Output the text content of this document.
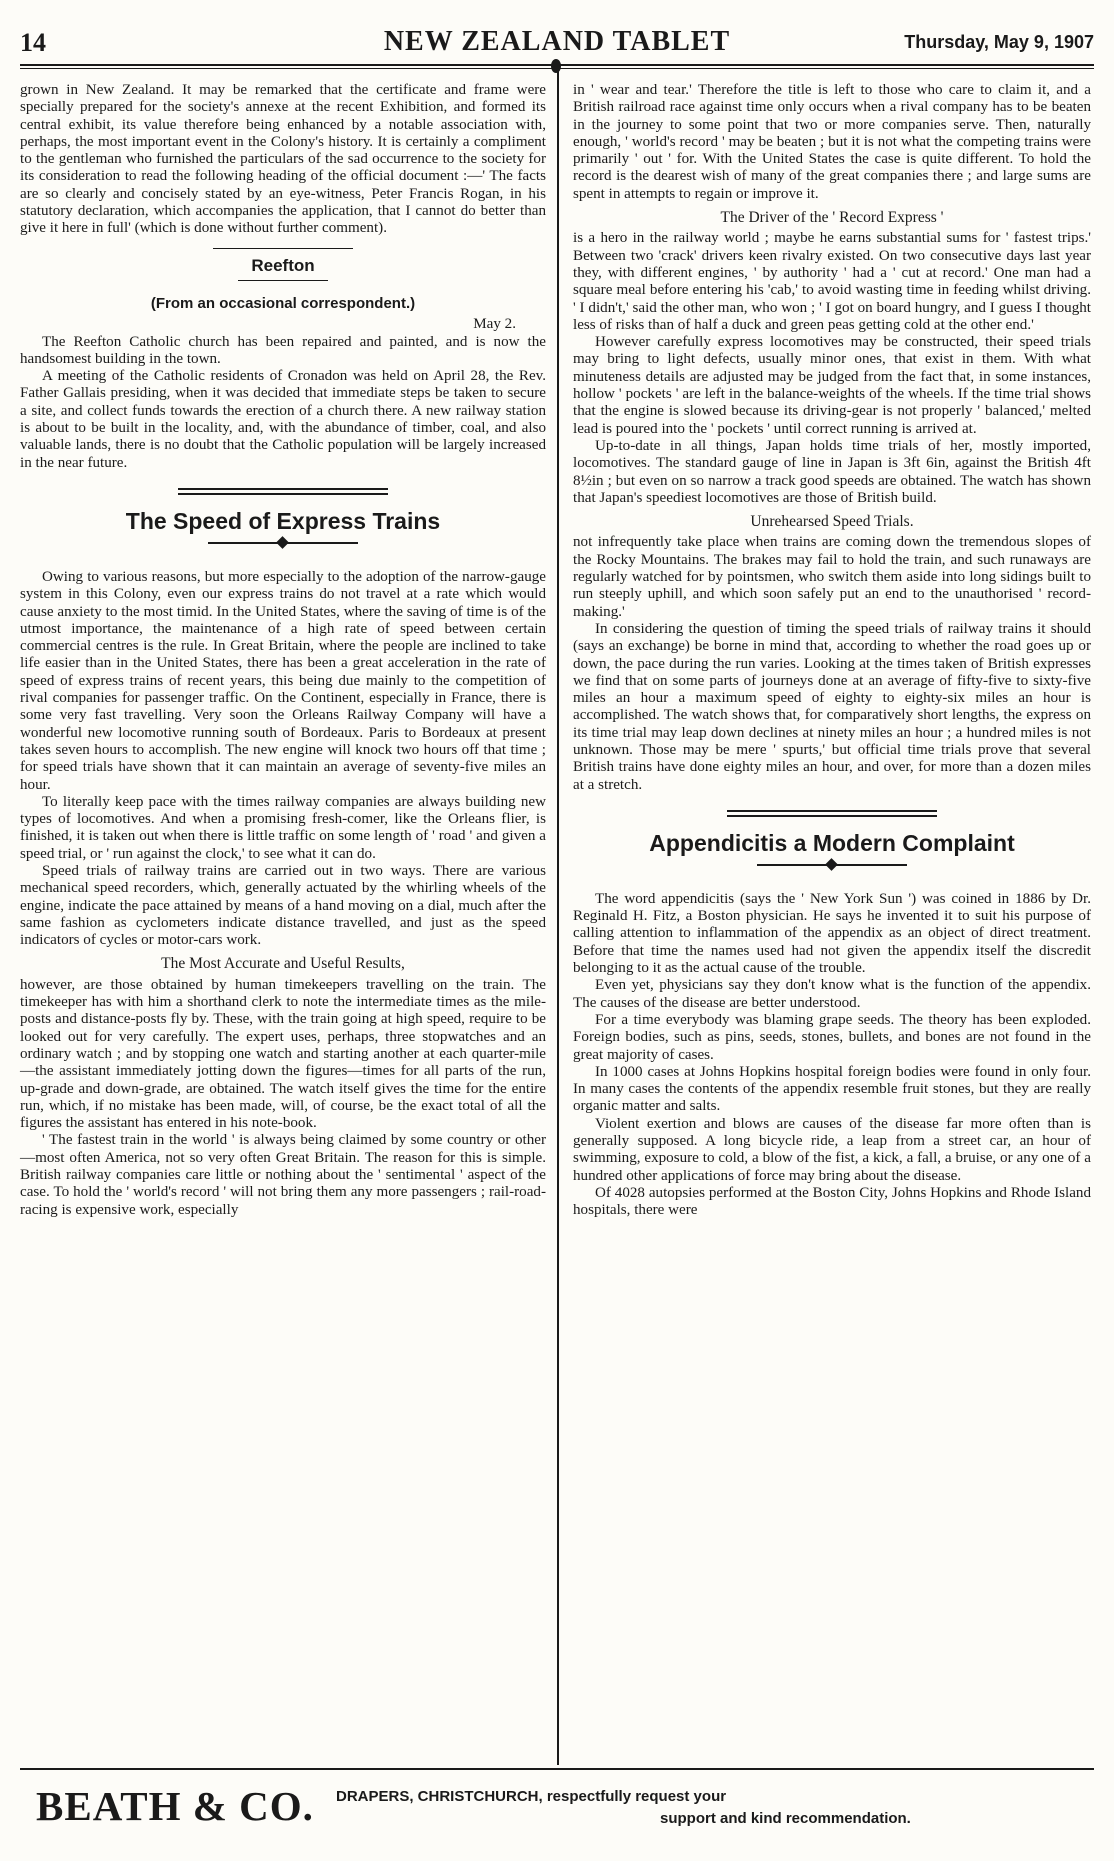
14	NEW ZEALAND TABLET	Thursday, May 9, 1907

grown in New Zealand. It may be remarked that the certificate and frame were specially prepared for the society's annexe at the recent Exhibition, and formed its central exhibit, its value therefore being enhanced by a notable association with, perhaps, the most important event in the Colony's history. It is certainly a compliment to the gentleman who furnished the particulars of the sad occurrence to the society for its consideration to read the following heading of the official document :—' The facts are so clearly and concisely stated by an eye-witness, Peter Francis Rogan, in his statutory declaration, which accompanies the application, that I cannot do better than give it here in full' (which is done without further comment).

Reefton
(From an occasional correspondent.)
May 2.

The Reefton Catholic church has been repaired and painted, and is now the handsomest building in the town.

A meeting of the Catholic residents of Cronadon was held on April 28, the Rev. Father Gallais presiding, when it was decided that immediate steps be taken to secure a site, and collect funds towards the erection of a church there. A new railway station is about to be built in the locality, and, with the abundance of timber, coal, and also valuable lands, there is no doubt that the Catholic population will be largely increased in the near future.

The Speed of Express Trains

Owing to various reasons, but more especially to the adoption of the narrow-gauge system in this Colony, even our express trains do not travel at a rate which would cause anxiety to the most timid. In the United States, where the saving of time is of the utmost importance, the maintenance of a high rate of speed between certain commercial centres is the rule. In Great Britain, where the people are inclined to take life easier than in the United States, there has been a great acceleration in the rate of speed of express trains of recent years, this being due mainly to the competition of rival companies for passenger traffic. On the Continent, especially in France, there is some very fast travelling. Very soon the Orleans Railway Company will have a wonderful new locomotive running south of Bordeaux. Paris to Bordeaux at present takes seven hours to accomplish. The new engine will knock two hours off that time ; for speed trials have shown that it can maintain an average of seventy-five miles an hour.

To literally keep pace with the times railway companies are always building new types of locomotives. And when a promising fresh-comer, like the Orleans flier, is finished, it is taken out when there is little traffic on some length of ' road ' and given a speed trial, or ' run against the clock,' to see what it can do.

Speed trials of railway trains are carried out in two ways. There are various mechanical speed recorders, which, generally actuated by the whirling wheels of the engine, indicate the pace attained by means of a hand moving on a dial, much after the same fashion as cyclometers indicate distance travelled, and just as the speed indicators of cycles or motor-cars work.

The Most Accurate and Useful Results,

however, are those obtained by human timekeepers travelling on the train. The timekeeper has with him a shorthand clerk to note the intermediate times as the mile-posts and distance-posts fly by. These, with the train going at high speed, require to be looked out for very carefully. The expert uses, perhaps, three stopwatches and an ordinary watch ; and by stopping one watch and starting another at each quarter-mile—the assistant immediately jotting down the figures—times for all parts of the run, up-grade and down-grade, are obtained. The watch itself gives the time for the entire run, which, if no mistake has been made, will, of course, be the exact total of all the figures the assistant has entered in his note-book.

' The fastest train in the world ' is always being claimed by some country or other—most often America, not so very often Great Britain. The reason for this is simple. British railway companies care little or nothing about the ' sentimental ' aspect of the case. To hold the ' world's record ' will not bring them any more passengers ; rail-road-racing is expensive work, especially

in ' wear and tear.' Therefore the title is left to those who care to claim it, and a British railroad race against time only occurs when a rival company has to be beaten in the journey to some point that two or more companies serve. Then, naturally enough, ' world's record ' may be beaten ; but it is not what the competing trains were primarily ' out ' for. With the United States the case is quite different. To hold the record is the dearest wish of many of the great companies there ; and large sums are spent in attempts to regain or improve it.

The Driver of the ' Record Express '

is a hero in the railway world ; maybe he earns substantial sums for ' fastest trips.' Between two 'crack' drivers keen rivalry existed. On two consecutive days last year they, with different engines, ' by authority ' had a ' cut at record.' One man had a square meal before entering his 'cab,' to avoid wasting time in feeding whilst driving. ' I didn't,' said the other man, who won ; ' I got on board hungry, and I guess I thought less of risks than of half a duck and green peas getting cold at the other end.'

However carefully express locomotives may be constructed, their speed trials may bring to light defects, usually minor ones, that exist in them. With what minuteness details are adjusted may be judged from the fact that, in some instances, hollow ' pockets ' are left in the balance-weights of the wheels. If the time trial shows that the engine is slowed because its driving-gear is not properly ' balanced,' melted lead is poured into the ' pockets ' until correct running is arrived at.

Up-to-date in all things, Japan holds time trials of her, mostly imported, locomotives. The standard gauge of line in Japan is 3ft 6in, against the British 4ft 8½in ; but even on so narrow a track good speeds are obtained. The watch has shown that Japan's speediest locomotives are those of British build.

Unrehearsed Speed Trials.

not infrequently take place when trains are coming down the tremendous slopes of the Rocky Mountains. The brakes may fail to hold the train, and such runaways are regularly watched for by pointsmen, who switch them aside into long sidings built to run steeply uphill, and which soon safely put an end to the unauthorised ' record-making.'

In considering the question of timing the speed trials of railway trains it should (says an exchange) be borne in mind that, according to whether the road goes up or down, the pace during the run varies. Looking at the times taken of British expresses we find that on some parts of journeys done at an average of fifty-five to sixty-five miles an hour a maximum speed of eighty to eighty-six miles an hour is accomplished. The watch shows that, for comparatively short lengths, the express on its time trial may leap down declines at ninety miles an hour ; a hundred miles is not unknown. Those may be mere ' spurts,' but official time trials prove that several British trains have done eighty miles an hour, and over, for more than a dozen miles at a stretch.

Appendicitis a Modern Complaint

The word appendicitis (says the ' New York Sun ') was coined in 1886 by Dr. Reginald H. Fitz, a Boston physician. He says he invented it to suit his purpose of calling attention to inflammation of the appendix as an object of direct treatment. Before that time the names used had not given the appendix itself the discredit belonging to it as the actual cause of the trouble.

Even yet, physicians say they don't know what is the function of the appendix. The causes of the disease are better understood.

For a time everybody was blaming grape seeds. The theory has been exploded. Foreign bodies, such as pins, seeds, stones, bullets, and bones are not found in the great majority of cases.

In 1000 cases at Johns Hopkins hospital foreign bodies were found in only four. In many cases the contents of the appendix resemble fruit stones, but they are really organic matter and salts.

Violent exertion and blows are causes of the disease far more often than is generally supposed. A long bicycle ride, a leap from a street car, an hour of swimming, exposure to cold, a blow of the fist, a kick, a fall, a bruise, or any one of a hundred other applications of force may bring about the disease.

Of 4028 autopsies performed at the Boston City, Johns Hopkins and Rhode Island hospitals, there were

BEATH & CO. DRAPERS, CHRISTCHURCH, respectfully request your
support and kind recommendation.
